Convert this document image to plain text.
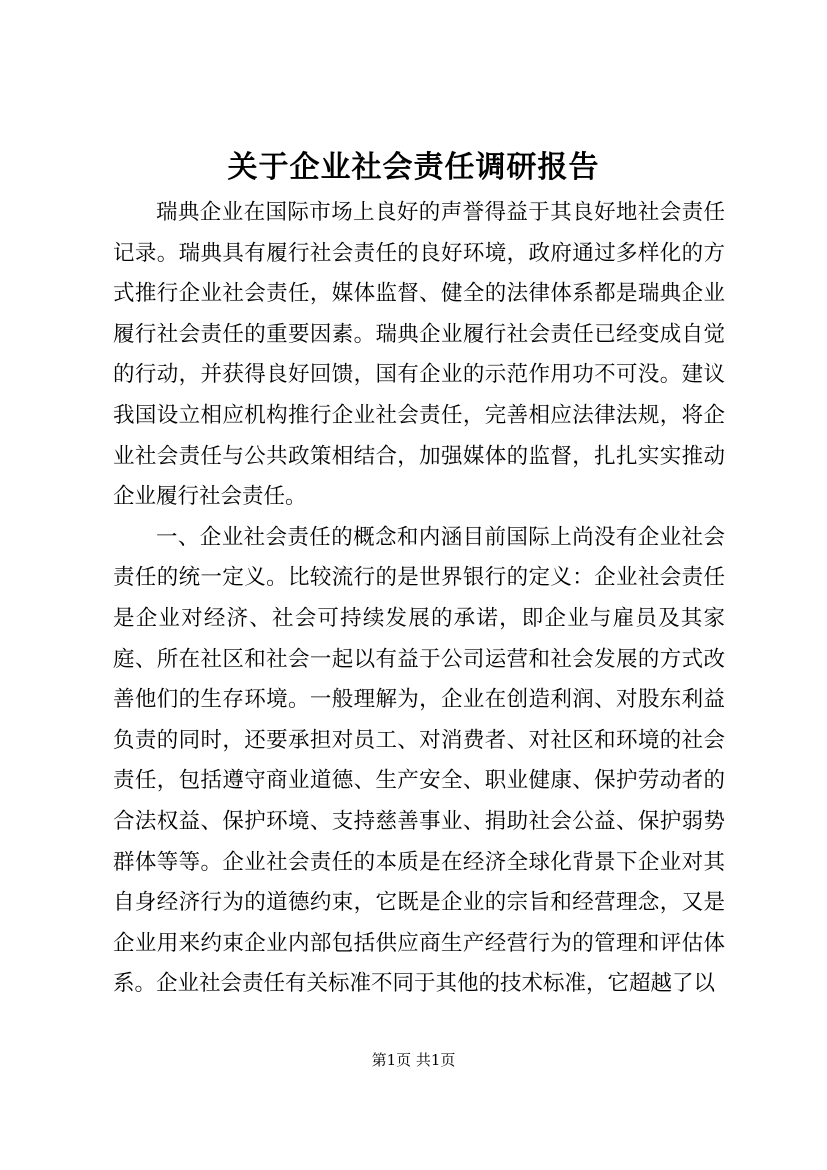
关于企业社会责任调研报告

瑞典企业在国际市场上良好的声誉得益于其良好地社会责任记录。瑞典具有履行社会责任的良好环境，政府通过多样化的方式推行企业社会责任，媒体监督、健全的法律体系都是瑞典企业履行社会责任的重要因素。瑞典企业履行社会责任已经变成自觉的行动，并获得良好回馈，国有企业的示范作用功不可没。建议我国设立相应机构推行企业社会责任，完善相应法律法规，将企业社会责任与公共政策相结合，加强媒体的监督，扎扎实实推动企业履行社会责任。

一、企业社会责任的概念和内涵目前国际上尚没有企业社会责任的统一定义。比较流行的是世界银行的定义：企业社会责任是企业对经济、社会可持续发展的承诺，即企业与雇员及其家庭、所在社区和社会一起以有益于公司运营和社会发展的方式改善他们的生存环境。一般理解为，企业在创造利润、对股东利益负责的同时，还要承担对员工、对消费者、对社区和环境的社会责任，包括遵守商业道德、生产安全、职业健康、保护劳动者的合法权益、保护环境、支持慈善事业、捐助社会公益、保护弱势群体等等。企业社会责任的本质是在经济全球化背景下企业对其自身经济行为的道德约束，它既是企业的宗旨和经营理念，又是企业用来约束企业内部包括供应商生产经营行为的管理和评估体系。企业社会责任有关标准不同于其他的技术标准，它超越了以

第1页 共1页
